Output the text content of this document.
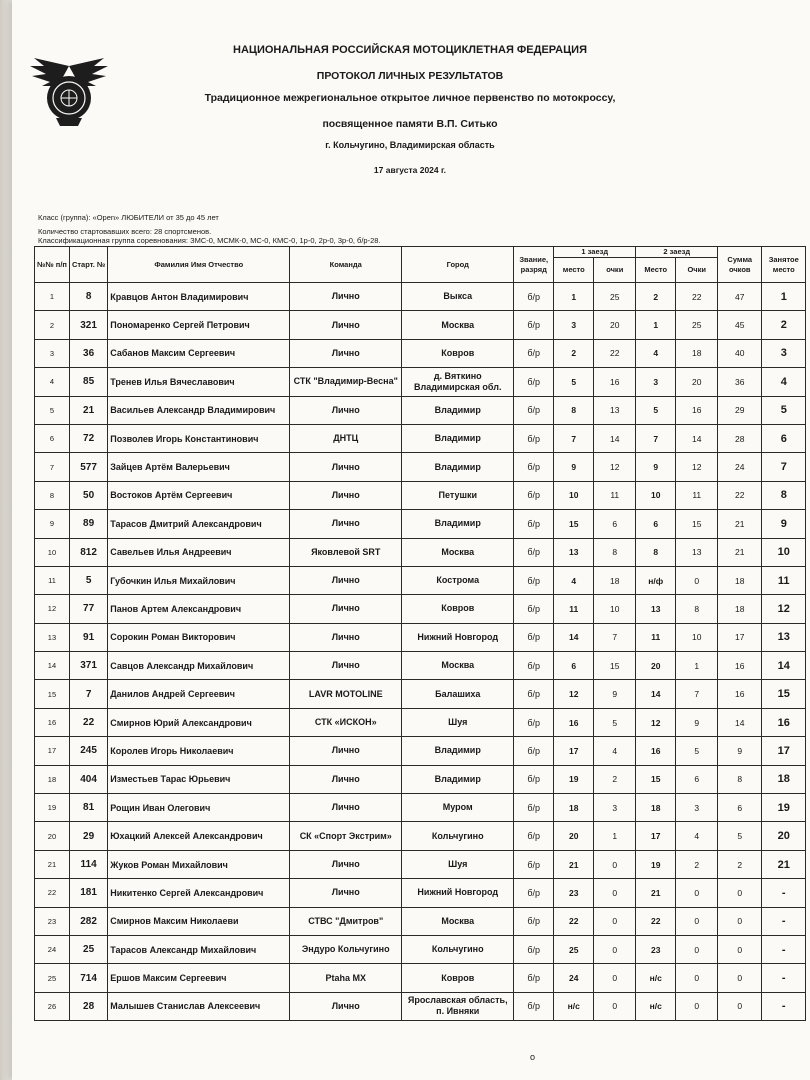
НАЦИОНАЛЬНАЯ РОССИЙСКАЯ МОТОЦИКЛЕТНАЯ ФЕДЕРАЦИЯ
ПРОТОКОЛ ЛИЧНЫХ РЕЗУЛЬТАТОВ
Традиционное межрегиональное открытое личное первенство по мотокроссу,
посвященное памяти В.П. Ситько
г. Кольчугино, Владимирская область
17 августа 2024 г.
Класс (группа): «Open» ЛЮБИТЕЛИ от 35 до 45 лет
Количество стартовавших всего: 28 спортсменов.
Классификационная группа соревнования: ЗМС-0, МСМК-0, МС-0, КМС-0, 1р-0, 2р-0, 3р-0, б/р-28.
№№ п/п	Старт. №	Фамилия Имя Отчество	Команда	Город	Звание, разряд	1 заезд		2 заезд		Сумма очков	Занятое место
						место	очки	Место	Очки		
1	8	Кравцов Антон Владимирович	Лично	Выкса	б/р	1	25	2	22	47	1
2	321	Пономаренко Сергей Петрович	Лично	Москва	б/р	3	20	1	25	45	2
3	36	Сабанов Максим Сергеевич	Лично	Ковров	б/р	2	22	4	18	40	3
4	85	Тренев Илья Вячеславович	СТК "Владимир-Весна"	д. Вяткино Владимирская обл.	б/р	5	16	3	20	36	4
5	21	Васильев Александр Владимирович	Лично	Владимир	б/р	8	13	5	16	29	5
6	72	Позволев Игорь Константинович	ДНТЦ	Владимир	б/р	7	14	7	14	28	6
7	577	Зайцев Артём Валерьевич	Лично	Владимир	б/р	9	12	9	12	24	7
8	50	Востоков Артём Сергеевич	Лично	Петушки	б/р	10	11	10	11	22	8
9	89	Тарасов Дмитрий Александрович	Лично	Владимир	б/р	15	6	6	15	21	9
10	812	Савельев Илья Андреевич	Яковлевой SRT	Москва	б/р	13	8	8	13	21	10
11	5	Губочкин Илья Михайлович	Лично	Кострома	б/р	4	18	н/ф	0	18	11
12	77	Панов Артем Александрович	Лично	Ковров	б/р	11	10	13	8	18	12
13	91	Сорокин Роман Викторович	Лично	Нижний Новгород	б/р	14	7	11	10	17	13
14	371	Савцов Александр Михайлович	Лично	Москва	б/р	6	15	20	1	16	14
15	7	Данилов Андрей Сергеевич	LAVR MOTOLINE	Балашиха	б/р	12	9	14	7	16	15
16	22	Смирнов Юрий Александрович	СТК «ИСКОН»	Шуя	б/р	16	5	12	9	14	16
17	245	Королев Игорь Николаевич	Лично	Владимир	б/р	17	4	16	5	9	17
18	404	Изместьев Тарас Юрьевич	Лично	Владимир	б/р	19	2	15	6	8	18
19	81	Рощин Иван Олегович	Лично	Муром	б/р	18	3	18	3	6	19
20	29	Юхацкий Алексей Александрович	СК «Спорт Экстрим»	Кольчугино	б/р	20	1	17	4	5	20
21	114	Жуков Роман Михайлович	Лично	Шуя	б/р	21	0	19	2	2	21
22	181	Никитенко Сергей Александрович	Лично	Нижний Новгород	б/р	23	0	21	0	0	-
23	282	Смирнов Максим Николаеви	СТВС "Дмитров"	Москва	б/р	22	0	22	0	0	-
24	25	Тарасов Александр Михайлович	Эндуро Кольчугино	Кольчугино	б/р	25	0	23	0	0	-
25	714	Ершов Максим Сергеевич	Ptaha MX	Ковров	б/р	24	0	н/с	0	0	-
26	28	Малышев Станислав Алексеевич	Лично	Ярославская область, п. Ивняки	б/р	н/с	0	н/с	0	0	-
о
